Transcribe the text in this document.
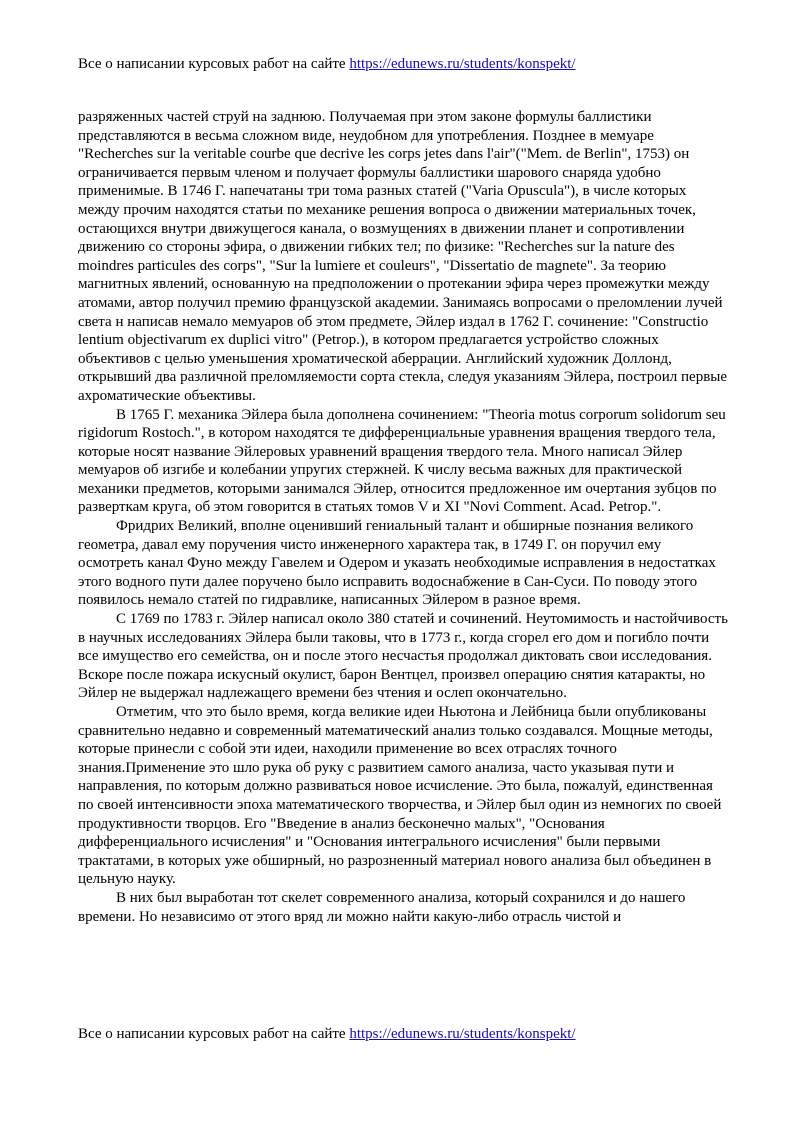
Все о написании курсовых работ на сайте https://edunews.ru/students/konspekt/

разряженных частей струй на заднюю. Получаемая при этом законе формулы баллистики представляются в весьма сложном виде, неудобном для употребления. Позднее в мемуаре "Recherches sur la veritable courbe que decrive les corps jetes dans l'air"("Mem. de Berlin", 1753) он ограничивается первым членом и получает формулы баллистики шарового снаряда удобно применимые. В 1746 Г. напечатаны три тома разных статей ("Varia Opuscula"), в числе которых между прочим находятся статьи по механике решения вопроса о движении материальных точек, остающихся внутри движущегося канала, о возмущениях в движении планет и сопротивлении движению со стороны эфира, о движении гибких тел; по физике: "Recherches sur la nature des moindres particules des corps", "Sur la lumiere et couleurs", "Dissertatio de magnete". За теорию магнитных явлений, основанную на предположении о протекании эфира через промежутки между атомами, автор получил премию французской академии. Занимаясь вопросами о преломлении лучей света н написав немало мемуаров об этом предмете, Эйлер издал в 1762 Г. сочинение: "Constructio lentium objectivarum ex duplici vitro" (Petrop.), в котором предлагается устройство сложных объективов с целью уменьшения хроматической аберрации. Английский художник Доллонд, открывший два различной преломляемости сорта стекла, следуя указаниям Эйлера, построил первые ахроматические объективы.

В 1765 Г. механика Эйлера была дополнена сочинением: "Theoria motus corporum solidorum seu rigidorum Rostoch.", в котором находятся те дифференциальные уравнения вращения твердого тела, которые носят название Эйлеровых уравнений вращения твердого тела. Много написал Эйлер мемуаров об изгибе и колебании упругих стержней. К числу весьма важных для практической механики предметов, которыми занимался Эйлер, относится предложенное им очертания зубцов по разверткам круга, об этом говорится в статьях томов V и XI "Novi Comment. Acad. Petrop.".

Фридрих Великий, вполне оценивший гениальный талант и обширные познания великого геометра, давал ему поручения чисто инженерного характера так, в 1749 Г. он поручил ему осмотреть канал Фуно между Гавелем и Одером и указать необходимые исправления в недостатках этого водного пути далее поручено было исправить водоснабжение в Сан-Суси. По поводу этого появилось немало статей по гидравлике, написанных Эйлером в разное время.

С 1769 по 1783 г. Эйлер написал около 380 статей и сочинений. Неутомимость и настойчивость в научных исследованиях Эйлера были таковы, что в 1773 г., когда сгорел его дом и погибло почти все имущество его семейства, он и после этого несчастья продолжал диктовать свои исследования. Вскоре после пожара искусный окулист, барон Вентцел, произвел операцию снятия катаракты, но Эйлер не выдержал надлежащего времени без чтения и ослеп окончательно.

Отметим, что это было время, когда великие идеи Ньютона и Лейбница были опубликованы сравнительно недавно и современный математический анализ только создавался. Мощные методы, которые принесли с собой эти идеи, находили применение во всех отраслях точного знания.Применение это шло рука об руку с развитием самого анализа, часто указывая пути и направления, по которым должно развиваться новое исчисление. Это была, пожалуй, единственная по своей интенсивности эпоха математического творчества, и Эйлер был один из немногих по своей продуктивности творцов. Его "Введение в анализ бесконечно малых", "Основания дифференциального исчисления" и "Основания интегрального исчисления" были первыми трактатами, в которых уже обширный, но разрозненный материал нового анализа был объединен в цельную науку.

В них был выработан тот скелет современного анализа, который сохранился и до нашего времени. Но независимо от этого вряд ли можно найти какую-либо отрасль чистой и

Все о написании курсовых работ на сайте https://edunews.ru/students/konspekt/
